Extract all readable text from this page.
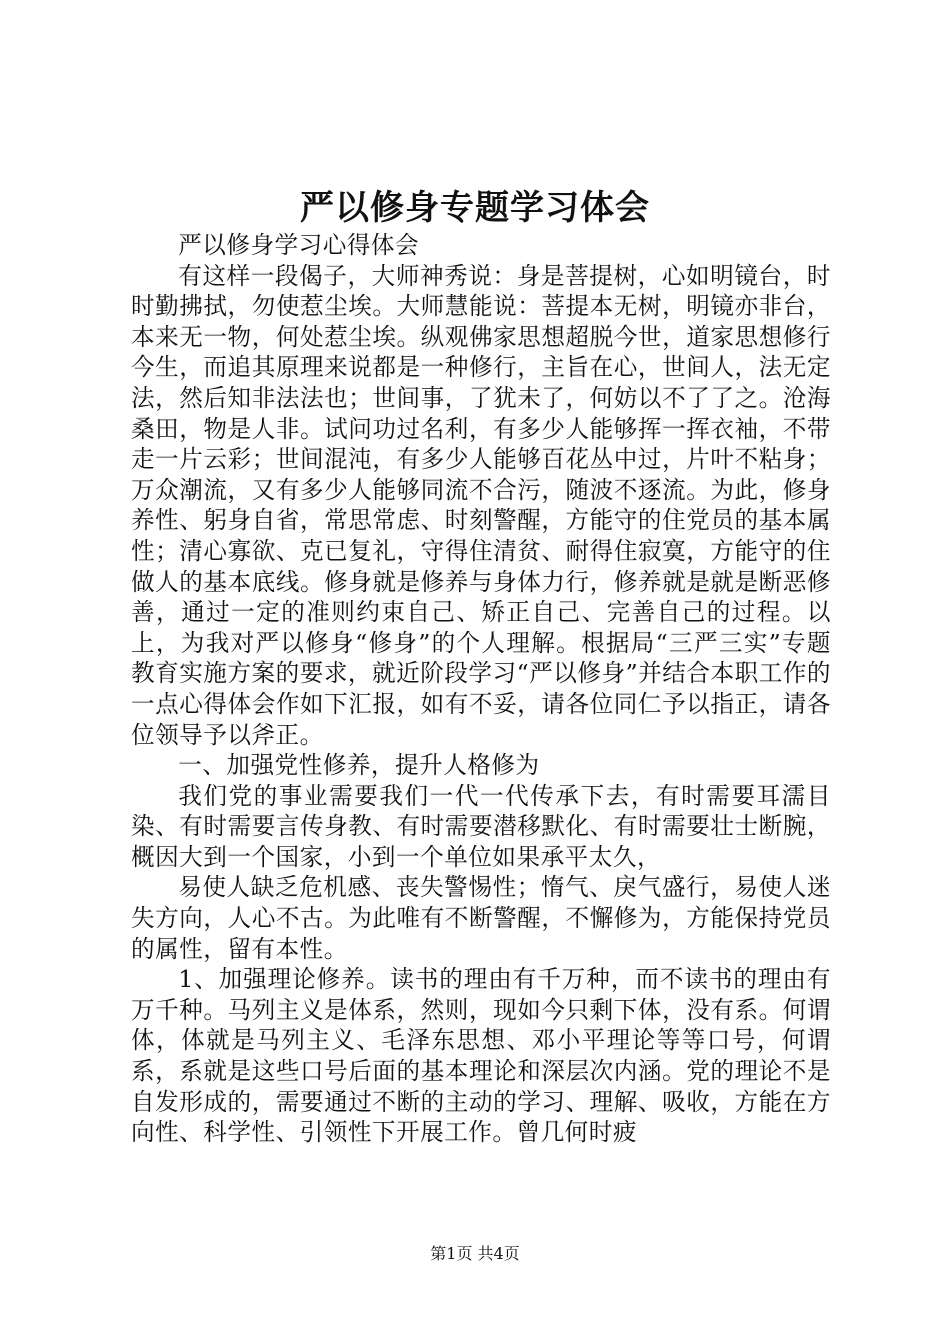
严以修身专题学习体会

严以修身学习心得体会

有这样一段偈子，大师神秀说：身是菩提树，心如明镜台，时时勤拂拭，勿使惹尘埃。大师慧能说：菩提本无树，明镜亦非台，本来无一物，何处惹尘埃。纵观佛家思想超脱今世，道家思想修行今生，而追其原理来说都是一种修行，主旨在心，世间人，法无定法，然后知非法法也；世间事，了犹未了，何妨以不了了之。沧海桑田，物是人非。试问功过名利，有多少人能够挥一挥衣袖，不带走一片云彩；世间混沌，有多少人能够百花丛中过，片叶不粘身；万众潮流，又有多少人能够同流不合污，随波不逐流。为此，修身养性、躬身自省，常思常虑、时刻警醒，方能守的住党员的基本属性；清心寡欲、克已复礼，守得住清贫、耐得住寂寞，方能守的住做人的基本底线。修身就是修养与身体力行，修养就是就是断恶修善，通过一定的准则约束自己、矫正自己、完善自己的过程。以上，为我对严以修身“修身”的个人理解。根据局“三严三实”专题教育实施方案的要求，就近阶段学习“严以修身”并结合本职工作的一点心得体会作如下汇报，如有不妥，请各位同仁予以指正，请各位领导予以斧正。

一、加强党性修养，提升人格修为

我们党的事业需要我们一代一代传承下去，有时需要耳濡目染、有时需要言传身教、有时需要潜移默化、有时需要壮士断腕，概因大到一个国家，小到一个单位如果承平太久，

易使人缺乏危机感、丧失警惕性；惰气、戾气盛行，易使人迷失方向，人心不古。为此唯有不断警醒，不懈修为，方能保持党员的属性，留有本性。

1、加强理论修养。读书的理由有千万种，而不读书的理由有万千种。马列主义是体系，然则，现如今只剩下体，没有系。何谓体，体就是马列主义、毛泽东思想、邓小平理论等等口号，何谓系，系就是这些口号后面的基本理论和深层次内涵。党的理论不是自发形成的，需要通过不断的主动的学习、理解、吸收，方能在方向性、科学性、引领性下开展工作。曾几何时疲

第1页 共4页
